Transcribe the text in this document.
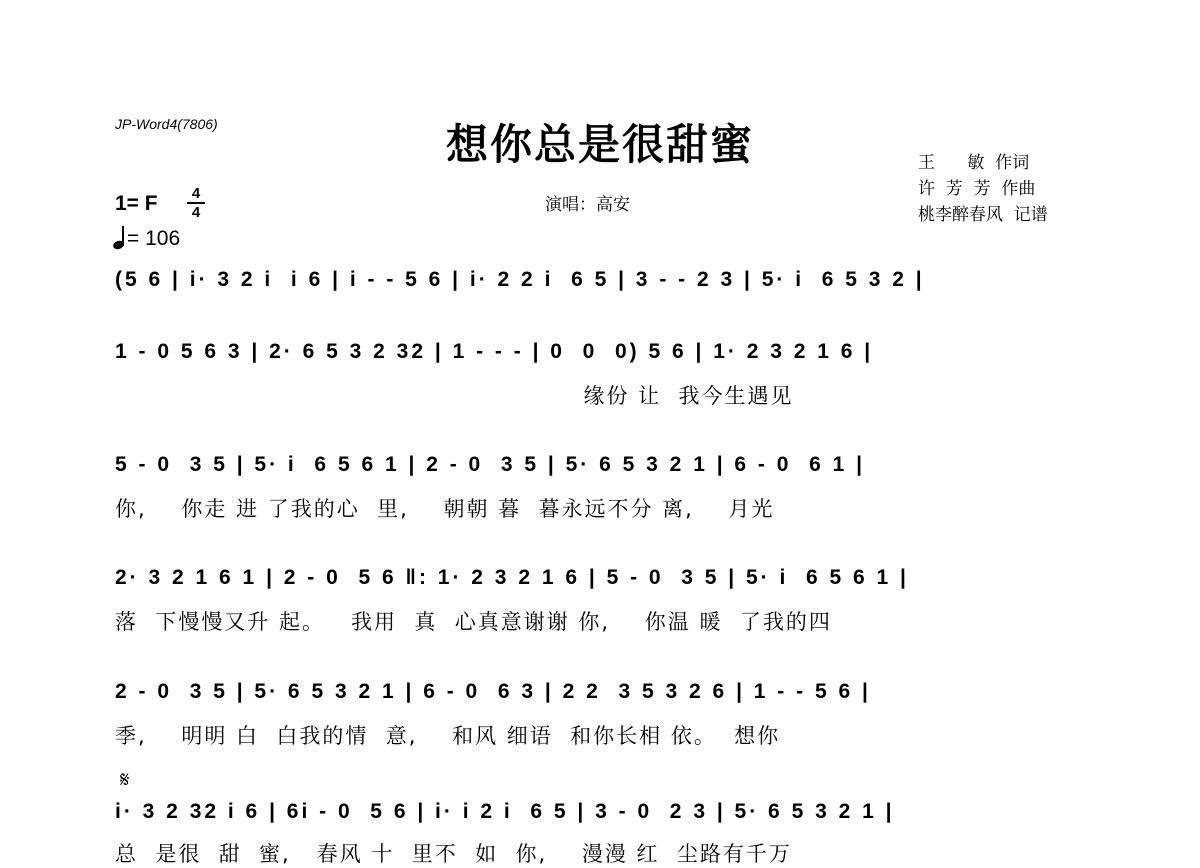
JP-Word4(7806)	想你总是很甜蜜
演唱：高安
王      敏  作词
许  芳  芳  作曲
桃李醉春风  记谱
1= F $\frac{4}{4}$
= 106
(5 6 | i· 3 2 i  i 6 | i - - 5 6 | i· 2 2 i  6 5 | 3 - - 2 3 | 5· i  6 5 3 2 |
1 - 0 5 6 3 | 2· 6 5 3 2 32 | 1 - - - | 0  0  0) 5 6 | 1· 2 3 2 1 6 |
缘份 让  我今生遇见
5 - 0  3 5 | 5· i  6 5 6 1 | 2 - 0  3 5 | 5· 6 5 3 2 1 | 6 - 0  6 1 |
你,    你走 进 了我的心  里,    朝朝 暮  暮永远不分 离,    月光
2· 3 2 1 6 1 | 2 - 0  5 6 ‖: 1· 2 3 2 1 6 | 5 - 0  3 5 | 5· i  6 5 6 1 |
落  下慢慢又升 起。   我用  真  心真意谢谢 你,    你温 暖  了我的四
2 - 0  3 5 | 5· 6 5 3 2 1 | 6 - 0  6 3 | 2 2  3 5 3 2 6 | 1 - - 5 6 |
季,    明明 白  白我的情  意,    和风 细语  和你长相 依。  想你
𝄋
i· 3 2 32 i 6 | 6i - 0  5 6 | i· i 2 i  6 5 | 3 - 0  2 3 | 5· 6 5 3 2 1 |
总  是很  甜  蜜,   春风 十  里不  如  你,    漫漫 红  尘路有千万
